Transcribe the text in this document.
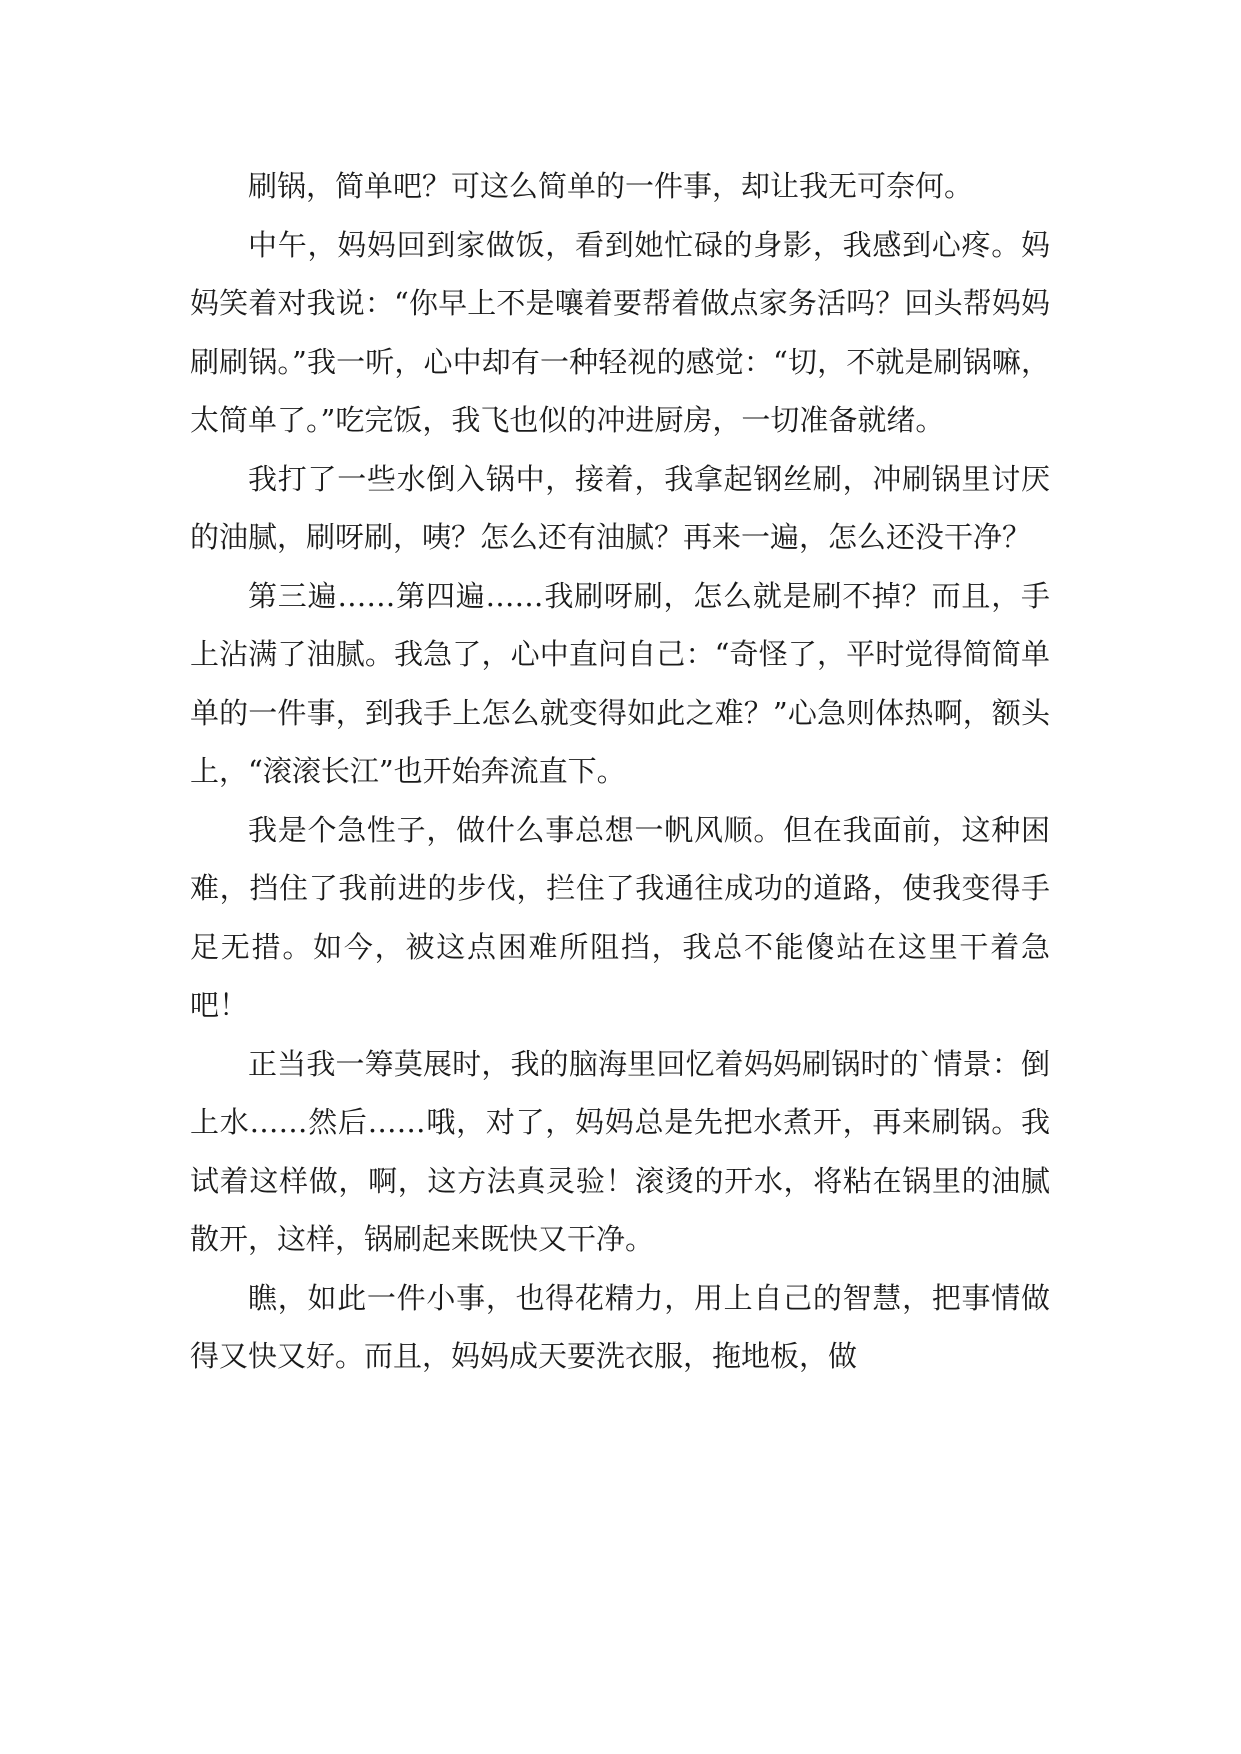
刷锅，简单吧？可这么简单的一件事，却让我无可奈何。

中午，妈妈回到家做饭，看到她忙碌的身影，我感到心疼。妈妈笑着对我说：“你早上不是嚷着要帮着做点家务活吗？回头帮妈妈刷刷锅。”我一听，心中却有一种轻视的感觉：“切，不就是刷锅嘛，太简单了。”吃完饭，我飞也似的冲进厨房，一切准备就绪。

我打了一些水倒入锅中，接着，我拿起钢丝刷，冲刷锅里讨厌的油腻，刷呀刷，咦？怎么还有油腻？再来一遍，怎么还没干净？

第三遍……第四遍……我刷呀刷，怎么就是刷不掉？而且，手上沾满了油腻。我急了，心中直问自己：“奇怪了，平时觉得简简单单的一件事，到我手上怎么就变得如此之难？”心急则体热啊，额头上，“滚滚长江”也开始奔流直下。

我是个急性子，做什么事总想一帆风顺。但在我面前，这种困难，挡住了我前进的步伐，拦住了我通往成功的道路，使我变得手足无措。如今，被这点困难所阻挡，我总不能傻站在这里干着急吧！

正当我一筹莫展时，我的脑海里回忆着妈妈刷锅时的`情景：倒上水……然后……哦，对了，妈妈总是先把水煮开，再来刷锅。我试着这样做，啊，这方法真灵验！滚烫的开水，将粘在锅里的油腻散开，这样，锅刷起来既快又干净。

瞧，如此一件小事，也得花精力，用上自己的智慧，把事情做得又快又好。而且，妈妈成天要洗衣服，拖地板，做
